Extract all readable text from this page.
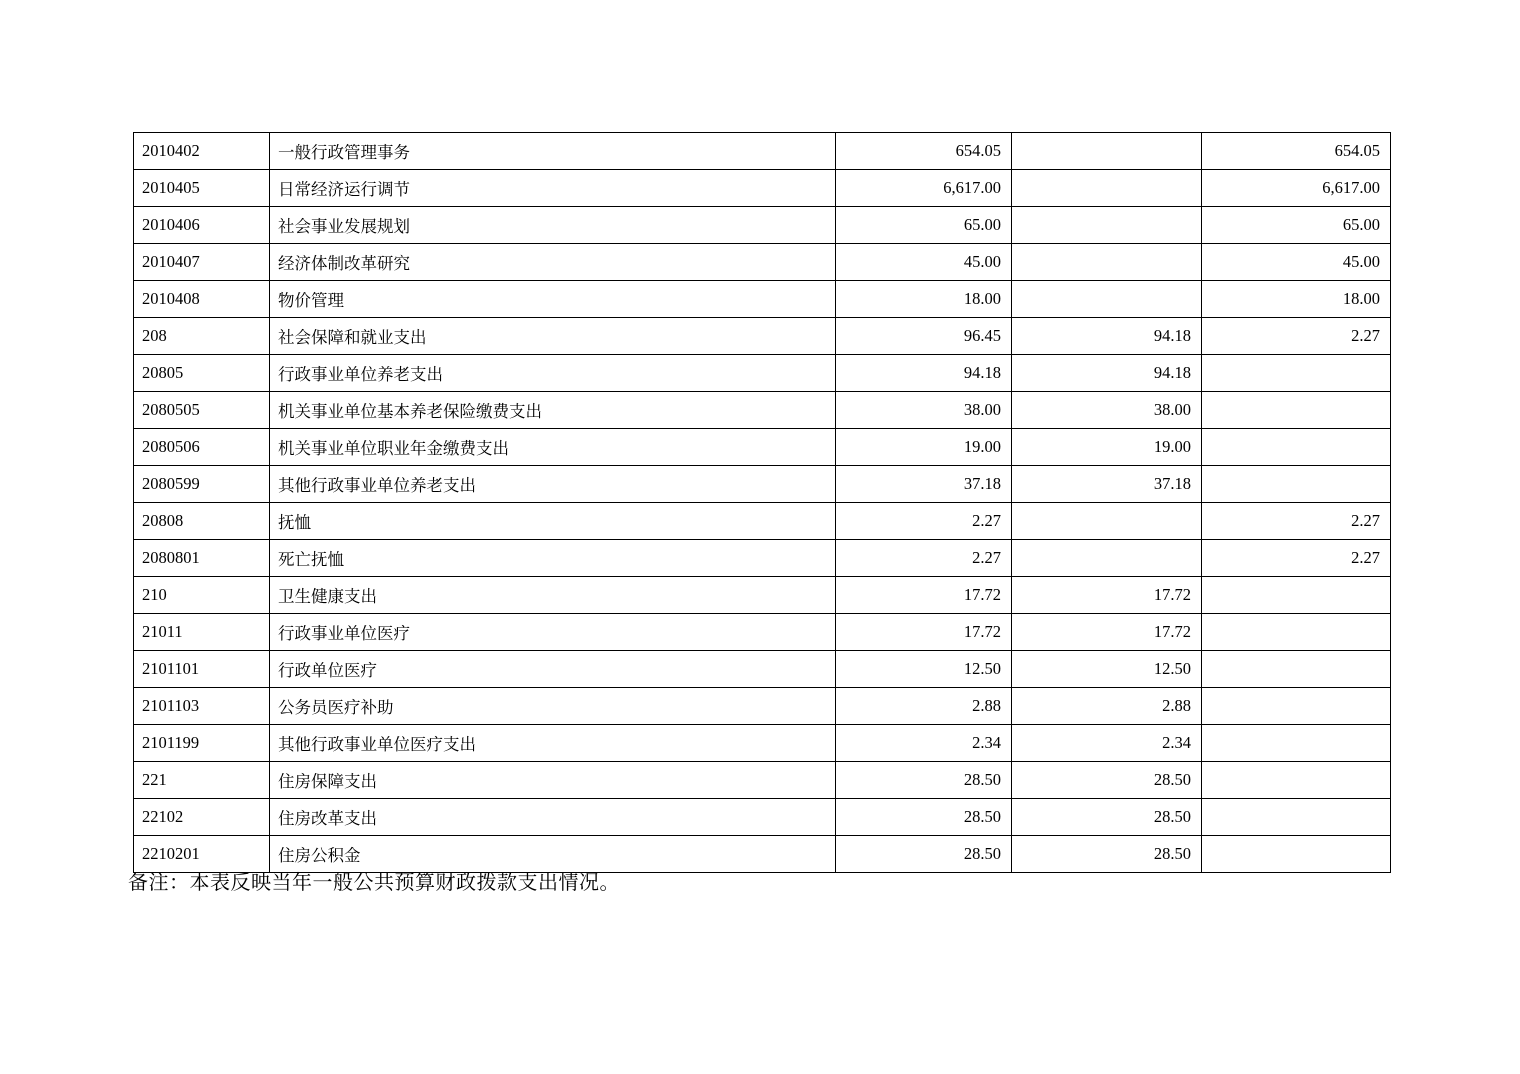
2010402	一般行政管理事务	654.05		654.05
2010405	日常经济运行调节	6,617.00		6,617.00
2010406	社会事业发展规划	65.00		65.00
2010407	经济体制改革研究	45.00		45.00
2010408	物价管理	18.00		18.00
208	社会保障和就业支出	96.45	94.18	2.27
20805	行政事业单位养老支出	94.18	94.18	
2080505	机关事业单位基本养老保险缴费支出	38.00	38.00	
2080506	机关事业单位职业年金缴费支出	19.00	19.00	
2080599	其他行政事业单位养老支出	37.18	37.18	
20808	抚恤	2.27		2.27
2080801	死亡抚恤	2.27		2.27
210	卫生健康支出	17.72	17.72	
21011	行政事业单位医疗	17.72	17.72	
2101101	行政单位医疗	12.50	12.50	
2101103	公务员医疗补助	2.88	2.88	
2101199	其他行政事业单位医疗支出	2.34	2.34	
221	住房保障支出	28.50	28.50	
22102	住房改革支出	28.50	28.50	
2210201	住房公积金	28.50	28.50	
备注：本表反映当年一般公共预算财政拨款支出情况。
